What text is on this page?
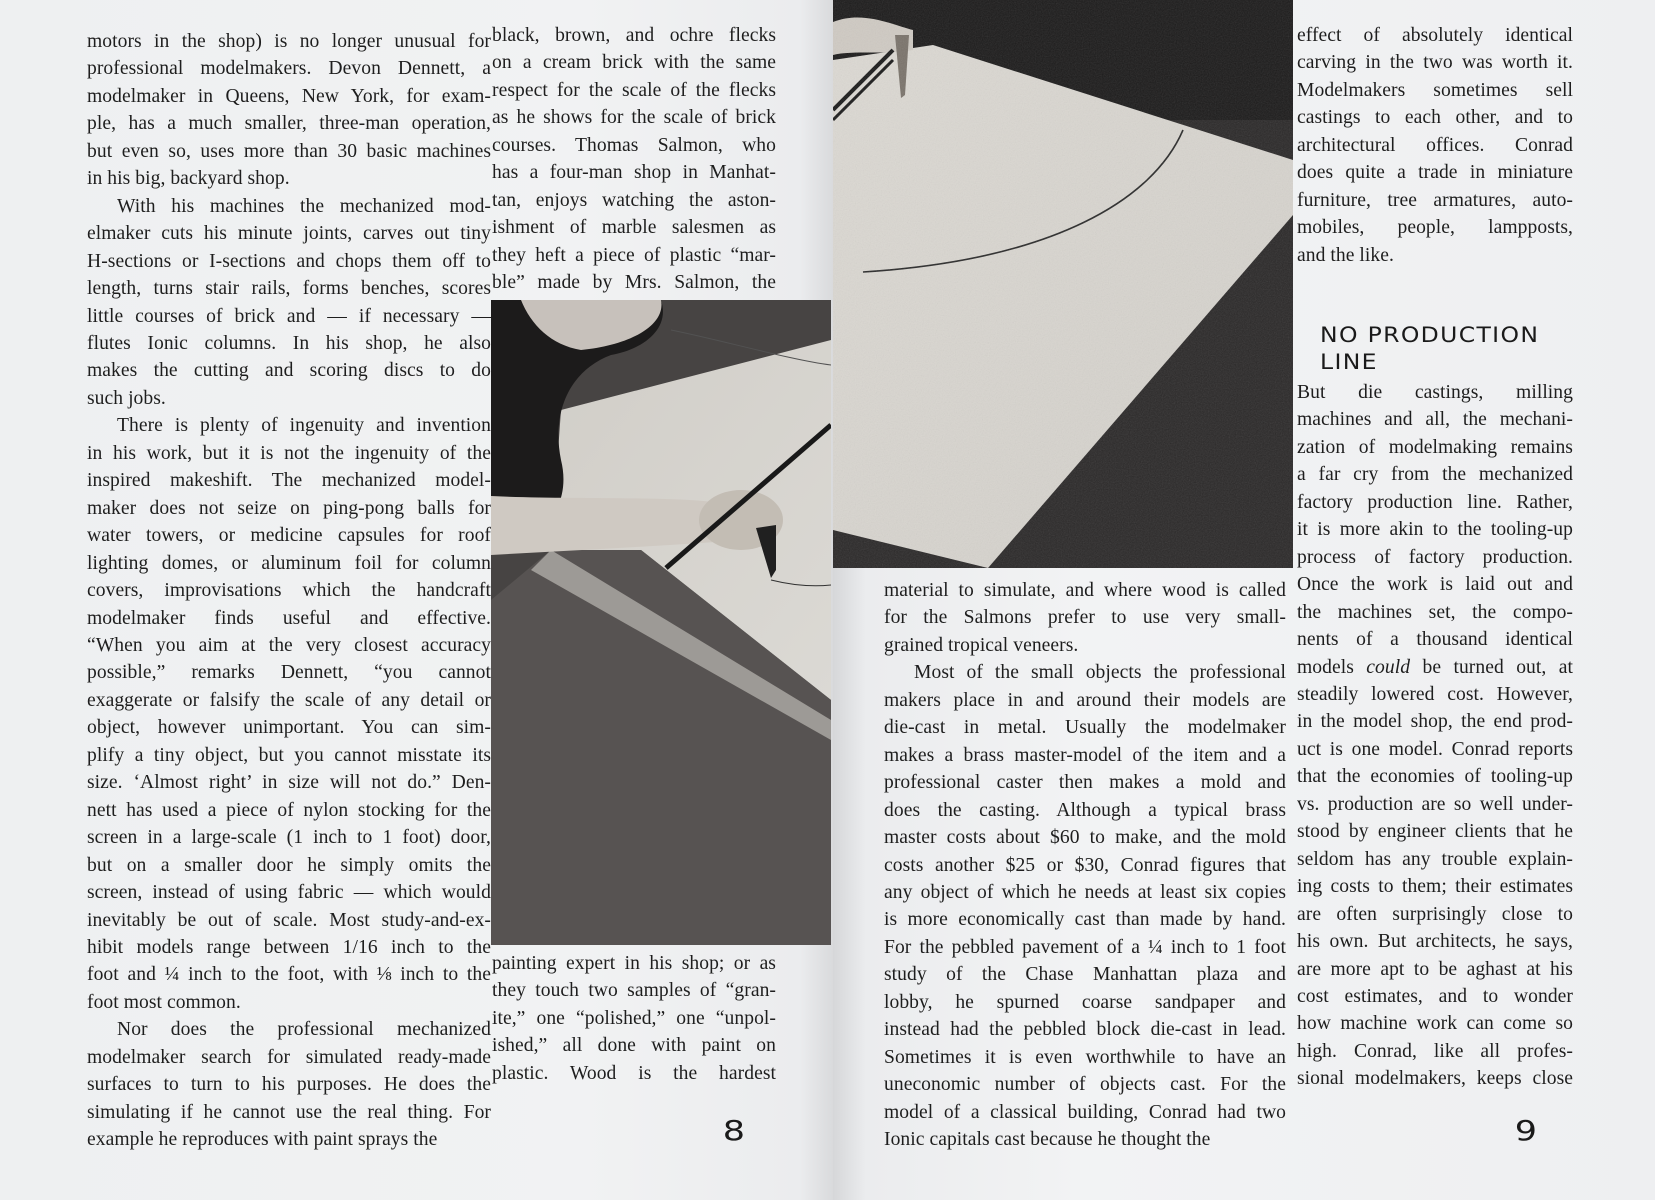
motors in the shop) is no longer unusual for
professional modelmakers. Devon Dennett, a
modelmaker in Queens, New York, for exam-
ple, has a much smaller, three-man operation,
but even so, uses more than 30 basic machines
in his big, backyard shop.
With his machines the mechanized mod-
elmaker cuts his minute joints, carves out tiny
H-sections or I-sections and chops them off to
length, turns stair rails, forms benches, scores
little courses of brick and — if necessary —
flutes Ionic columns. In his shop, he also
makes the cutting and scoring discs to do
such jobs.
There is plenty of ingenuity and invention
in his work, but it is not the ingenuity of the
inspired makeshift. The mechanized model-
maker does not seize on ping-pong balls for
water towers, or medicine capsules for roof
lighting domes, or aluminum foil for column
covers, improvisations which the handcraft
modelmaker finds useful and effective.
“When you aim at the very closest accuracy
possible,” remarks Dennett, “you cannot
exaggerate or falsify the scale of any detail or
object, however unimportant. You can sim-
plify a tiny object, but you cannot misstate its
size. ‘Almost right’ in size will not do.” Den-
nett has used a piece of nylon stocking for the
screen in a large-scale (1 inch to 1 foot) door,
but on a smaller door he simply omits the
screen, instead of using fabric — which would
inevitably be out of scale. Most study-and-ex-
hibit models range between 1/16 inch to the
foot and ¼ inch to the foot, with ⅛ inch to the
foot most common.
Nor does the professional mechanized
modelmaker search for simulated ready-made
surfaces to turn to his purposes. He does the
simulating if he cannot use the real thing. For
example he reproduces with paint sprays the
black, brown, and ochre flecks
on a cream brick with the same
respect for the scale of the flecks
as he shows for the scale of brick
courses. Thomas Salmon, who
has a four-man shop in Manhat-
tan, enjoys watching the aston-
ishment of marble salesmen as
they heft a piece of plastic “mar-
ble” made by Mrs. Salmon, the
painting expert in his shop; or as
they touch two samples of “gran-
ite,” one “polished,” one “unpol-
ished,” all done with paint on
plastic. Wood is the hardest
8
material to simulate, and where wood is called
for the Salmons prefer to use very small-
grained tropical veneers.
Most of the small objects the professional
makers place in and around their models are
die-cast in metal. Usually the modelmaker
makes a brass master-model of the item and a
professional caster then makes a mold and
does the casting. Although a typical brass
master costs about $60 to make, and the mold
costs another $25 or $30, Conrad figures that
any object of which he needs at least six copies
is more economically cast than made by hand.
For the pebbled pavement of a ¼ inch to 1 foot
study of the Chase Manhattan plaza and
lobby, he spurned coarse sandpaper and
instead had the pebbled block die-cast in lead.
Sometimes it is even worthwhile to have an
uneconomic number of objects cast. For the
model of a classical building, Conrad had two
Ionic capitals cast because he thought the
effect of absolutely identical
carving in the two was worth it.
Modelmakers sometimes sell
castings to each other, and to
architectural offices. Conrad
does quite a trade in miniature
furniture, tree armatures, auto-
mobiles, people, lampposts,
and the like.
NO PRODUCTION
LINE
But die castings, milling
machines and all, the mechani-
zation of modelmaking remains
a far cry from the mechanized
factory production line. Rather,
it is more akin to the tooling-up
process of factory production.
Once the work is laid out and
the machines set, the compo-
nents of a thousand identical
models could be turned out, at
steadily lowered cost. However,
in the model shop, the end prod-
uct is one model. Conrad reports
that the economies of tooling-up
vs. production are so well under-
stood by engineer clients that he
seldom has any trouble explain-
ing costs to them; their estimates
are often surprisingly close to
his own. But architects, he says,
are more apt to be aghast at his
cost estimates, and to wonder
how machine work can come so
high. Conrad, like all profes-
sional modelmakers, keeps close
9
